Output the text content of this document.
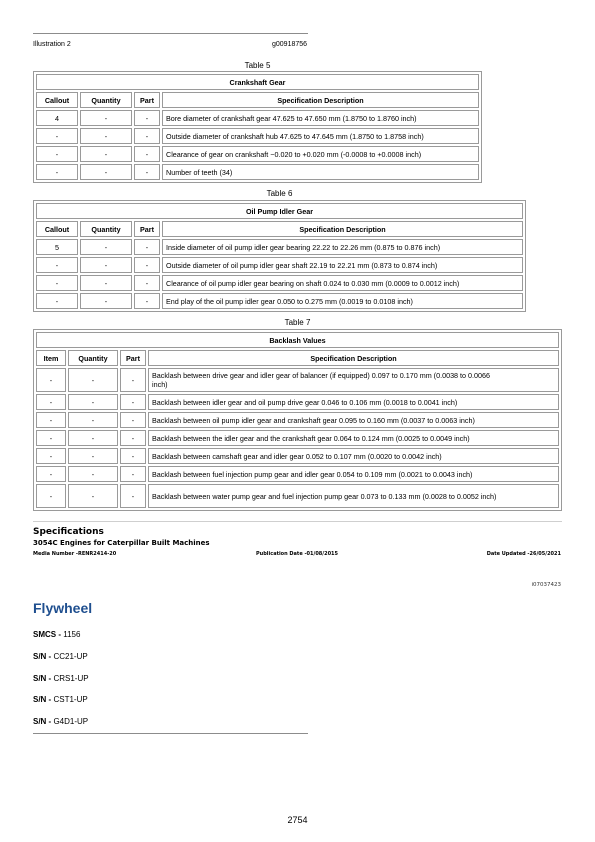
Illustration 2	g00918756
Table 5
Crankshaft Gear			
Callout	Quantity	Part	Specification Description
4	-	-	Bore diameter of crankshaft gear 47.625 to 47.650 mm (1.8750 to 1.8760 inch)
-	-	-	Outside diameter of crankshaft hub 47.625 to 47.645 mm (1.8750 to 1.8758 inch)
-	-	-	Clearance of gear on crankshaft −0.020 to +0.020 mm (-0.0008 to +0.0008 inch)
-	-	-	Number of teeth (34)
Table 6
Oil Pump Idler Gear			
Callout	Quantity	Part	Specification Description
5	-	-	Inside diameter of oil pump idler gear bearing 22.22 to 22.26 mm (0.875 to 0.876 inch)
-	-	-	Outside diameter of oil pump idler gear shaft 22.19 to 22.21 mm (0.873 to 0.874 inch)
-	-	-	Clearance of oil pump idler gear bearing on shaft 0.024 to 0.030 mm (0.0009 to 0.0012 inch)
-	-	-	End play of the oil pump idler gear 0.050 to 0.275 mm (0.0019 to 0.0108 inch)
Table 7
Backlash Values			
Item	Quantity	Part	Specification Description
-	-	-	Backlash between drive gear and idler gear of balancer (if equipped) 0.097 to 0.170 mm (0.0038 to 0.0066 inch)
-	-	-	Backlash between idler gear and oil pump drive gear 0.046 to 0.106 mm (0.0018 to 0.0041 inch)
-	-	-	Backlash between oil pump idler gear and crankshaft gear 0.095 to 0.160 mm (0.0037 to 0.0063 inch)
-	-	-	Backlash between the idler gear and the crankshaft gear 0.064 to 0.124 mm (0.0025 to 0.0049 inch)
-	-	-	Backlash between camshaft gear and idler gear 0.052 to 0.107 mm (0.0020 to 0.0042 inch)
-	-	-	Backlash between fuel injection pump gear and idler gear 0.054 to 0.109 mm (0.0021 to 0.0043 inch)
-	-	-	Backlash between water pump gear and fuel injection pump gear 0.073 to 0.133 mm (0.0028 to 0.0052 inch)
Specifications
3054C Engines for Caterpillar Built Machines
Media Number -RENR2414-20	Publication Date -01/08/2015	Date Updated -26/05/2021
i07037423
Flywheel
SMCS - 1156
S/N - CC21-UP
S/N - CRS1-UP
S/N - CST1-UP
S/N - G4D1-UP
2754
